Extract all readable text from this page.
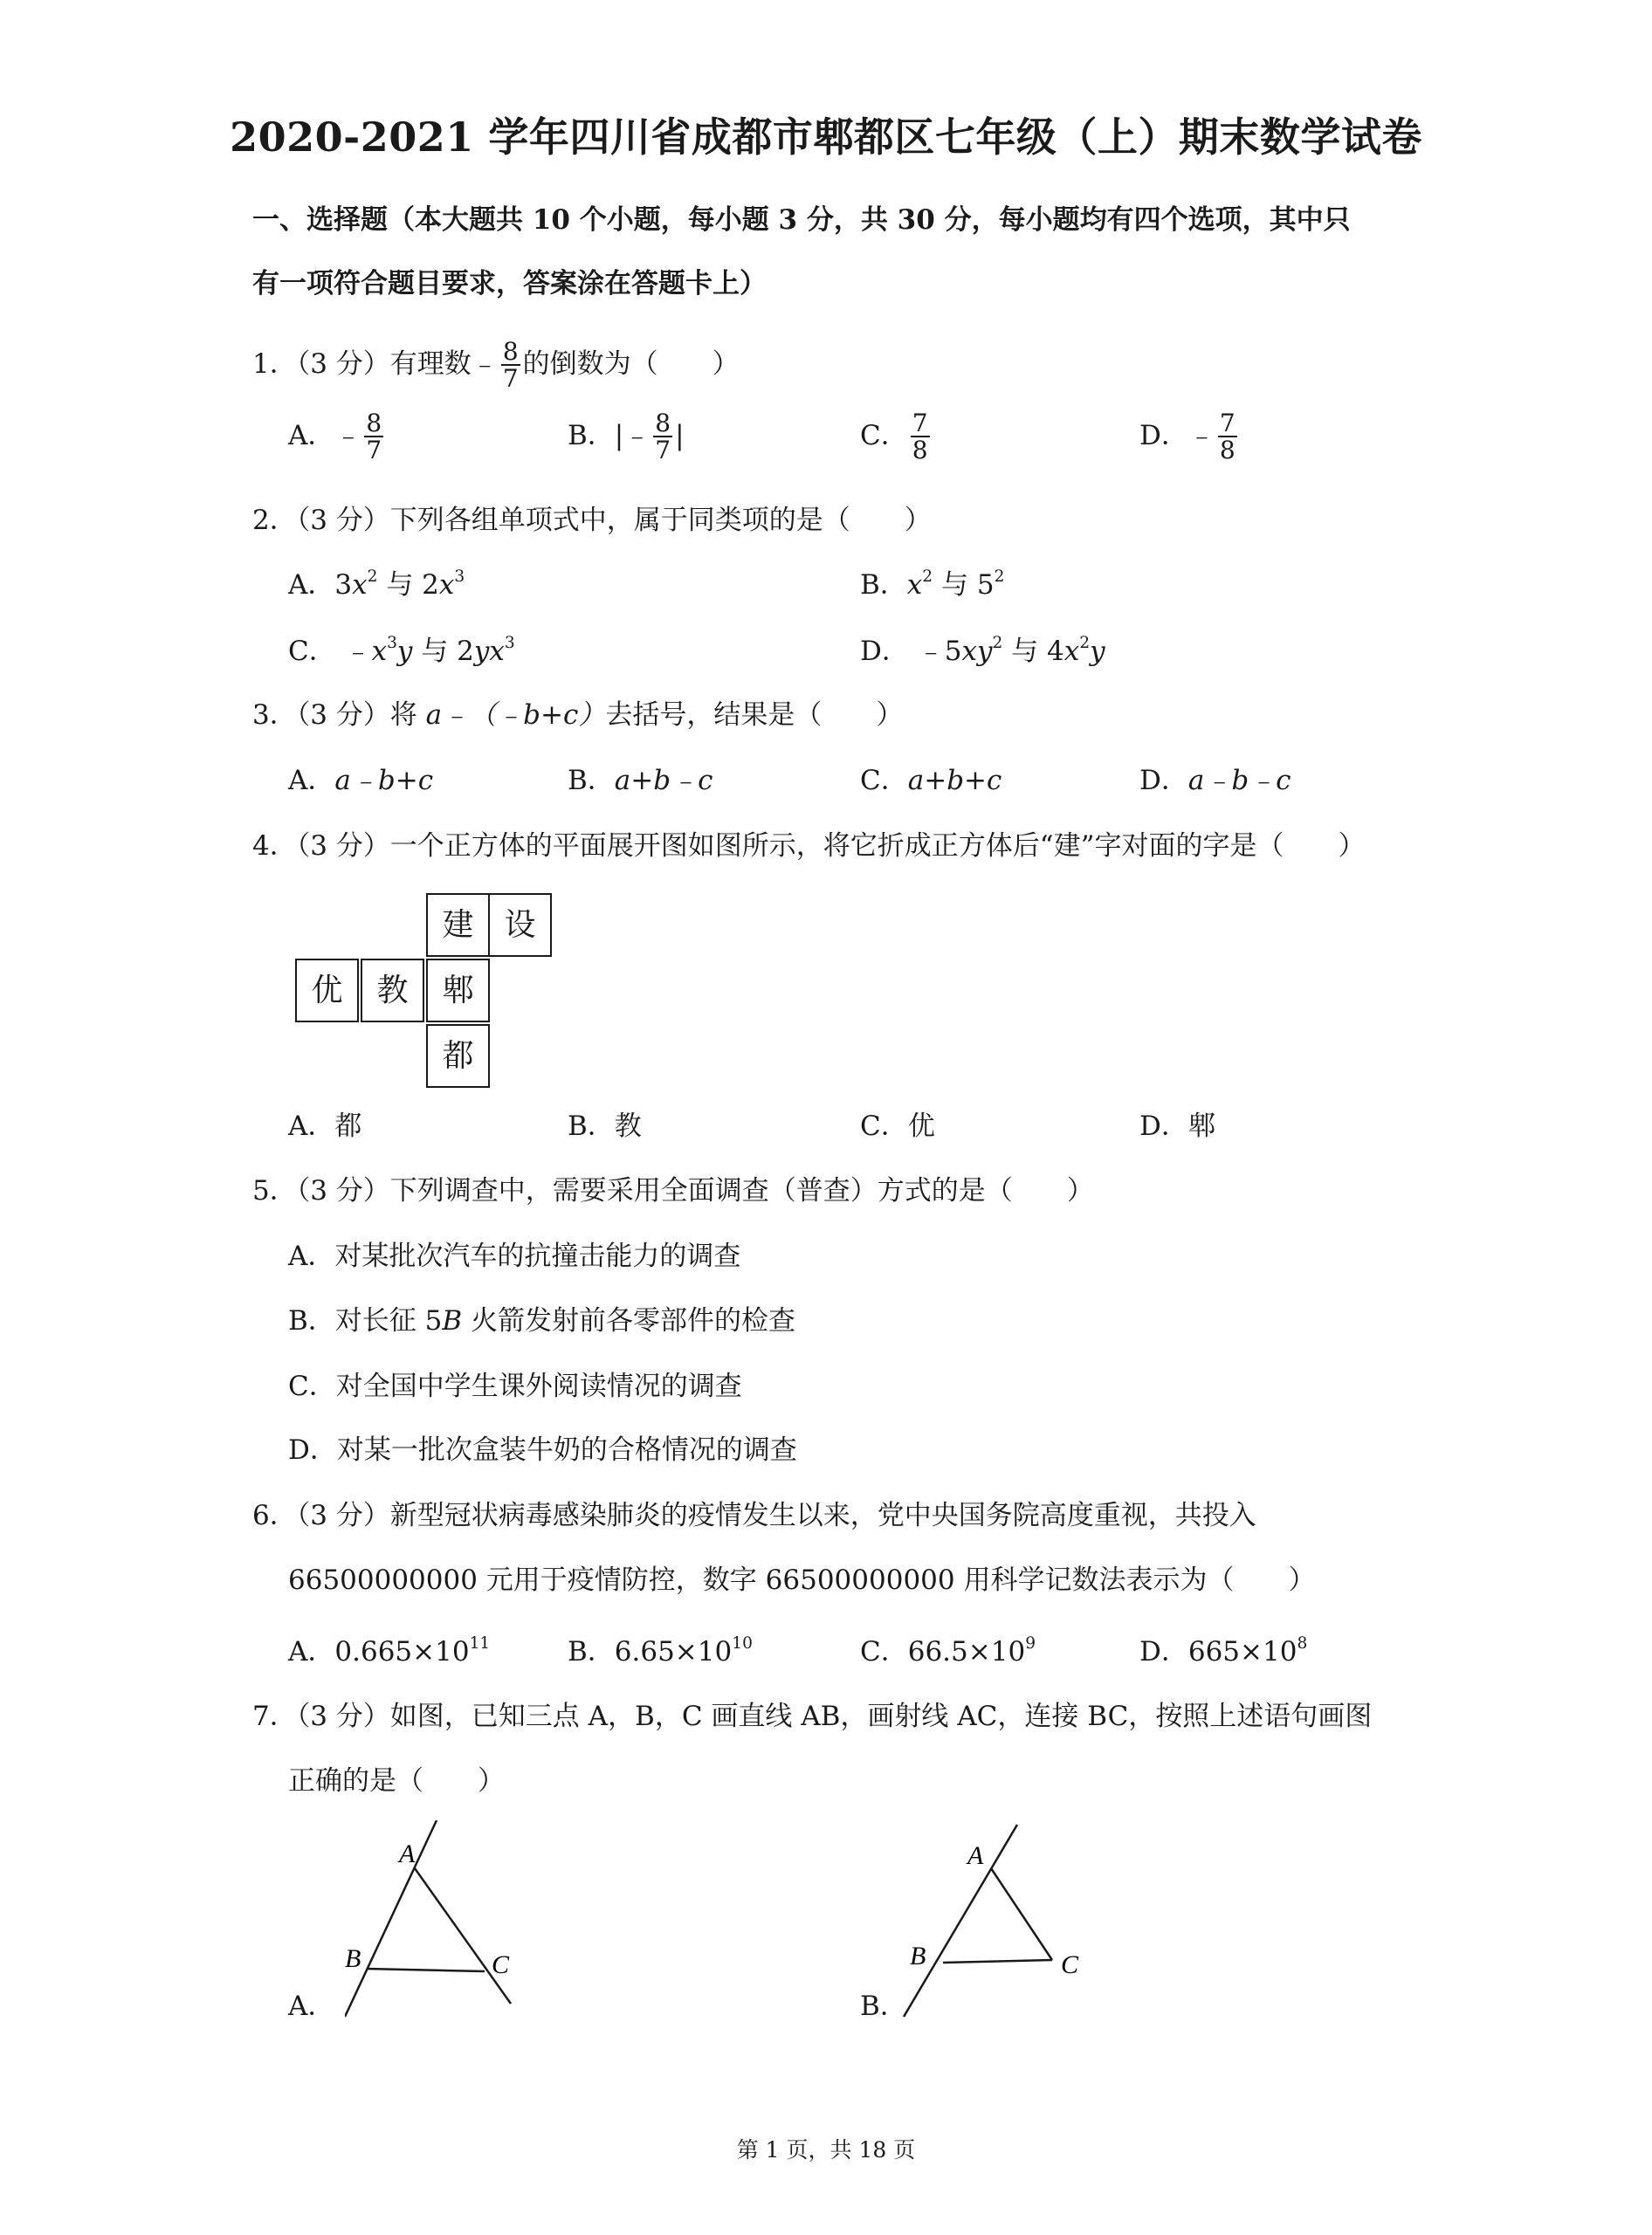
2020-2021 学年四川省成都市郫都区七年级（上）期末数学试卷
一、选择题（本大题共 10 个小题，每小题 3 分，共 30 分，每小题均有四个选项，其中只
有一项符合题目要求，答案涂在答题卡上）
1．（3 分）有理数﹣ $\frac{8}{7}$ 的倒数为（　　）
A．﹣ $\frac{8}{7}$	B．|﹣ $\frac{8}{7}$ |	C． $\frac{7}{8}$	D．﹣ $\frac{7}{8}$
2．（3 分）下列各组单项式中，属于同类项的是（　　）
A．$3x^2$ 与 $2x^3$	B．$x^2$ 与 $5^2$
C． $﹣x^3y$ 与 $2yx^3$	D． $﹣5xy^2$ 与 $4x^2y$
3．（3 分）将 a﹣（﹣b+c）去括号，结果是（　　）
A．a﹣b+c	B．a+b﹣c	C．a+b+c	D．a﹣b﹣c
4．（3 分）一个正方体的平面展开图如图所示，将它折成正方体后“建”字对面的字是（　　）
建 设
优	教	郫
都
A．都	B．教	C．优	D．郫
5．（3 分）下列调查中，需要采用全面调查（普查）方式的是（　　）
A．对某批次汽车的抗撞击能力的调查
B．对长征 5B 火箭发射前各零部件的检查
C．对全国中学生课外阅读情况的调查
D．对某一批次盒装牛奶的合格情况的调查
6．（3 分）新型冠状病毒感染肺炎的疫情发生以来，党中央国务院高度重视，共投入
66500000000 元用于疫情防控，数字 66500000000 用科学记数法表示为（　　）
A．$0.665\times 10^{11}$	B．$6.65\times 10^{10}$	C．$66.5\times 10^9$	D．$665\times 10^8$
7．（3 分）如图，已知三点 A，B，C 画直线 AB，画射线 AC，连接 BC，按照上述语句画图
正确的是（　　）
A
B	C
A．
A
B	C
B．
第 1 页，共 18 页
